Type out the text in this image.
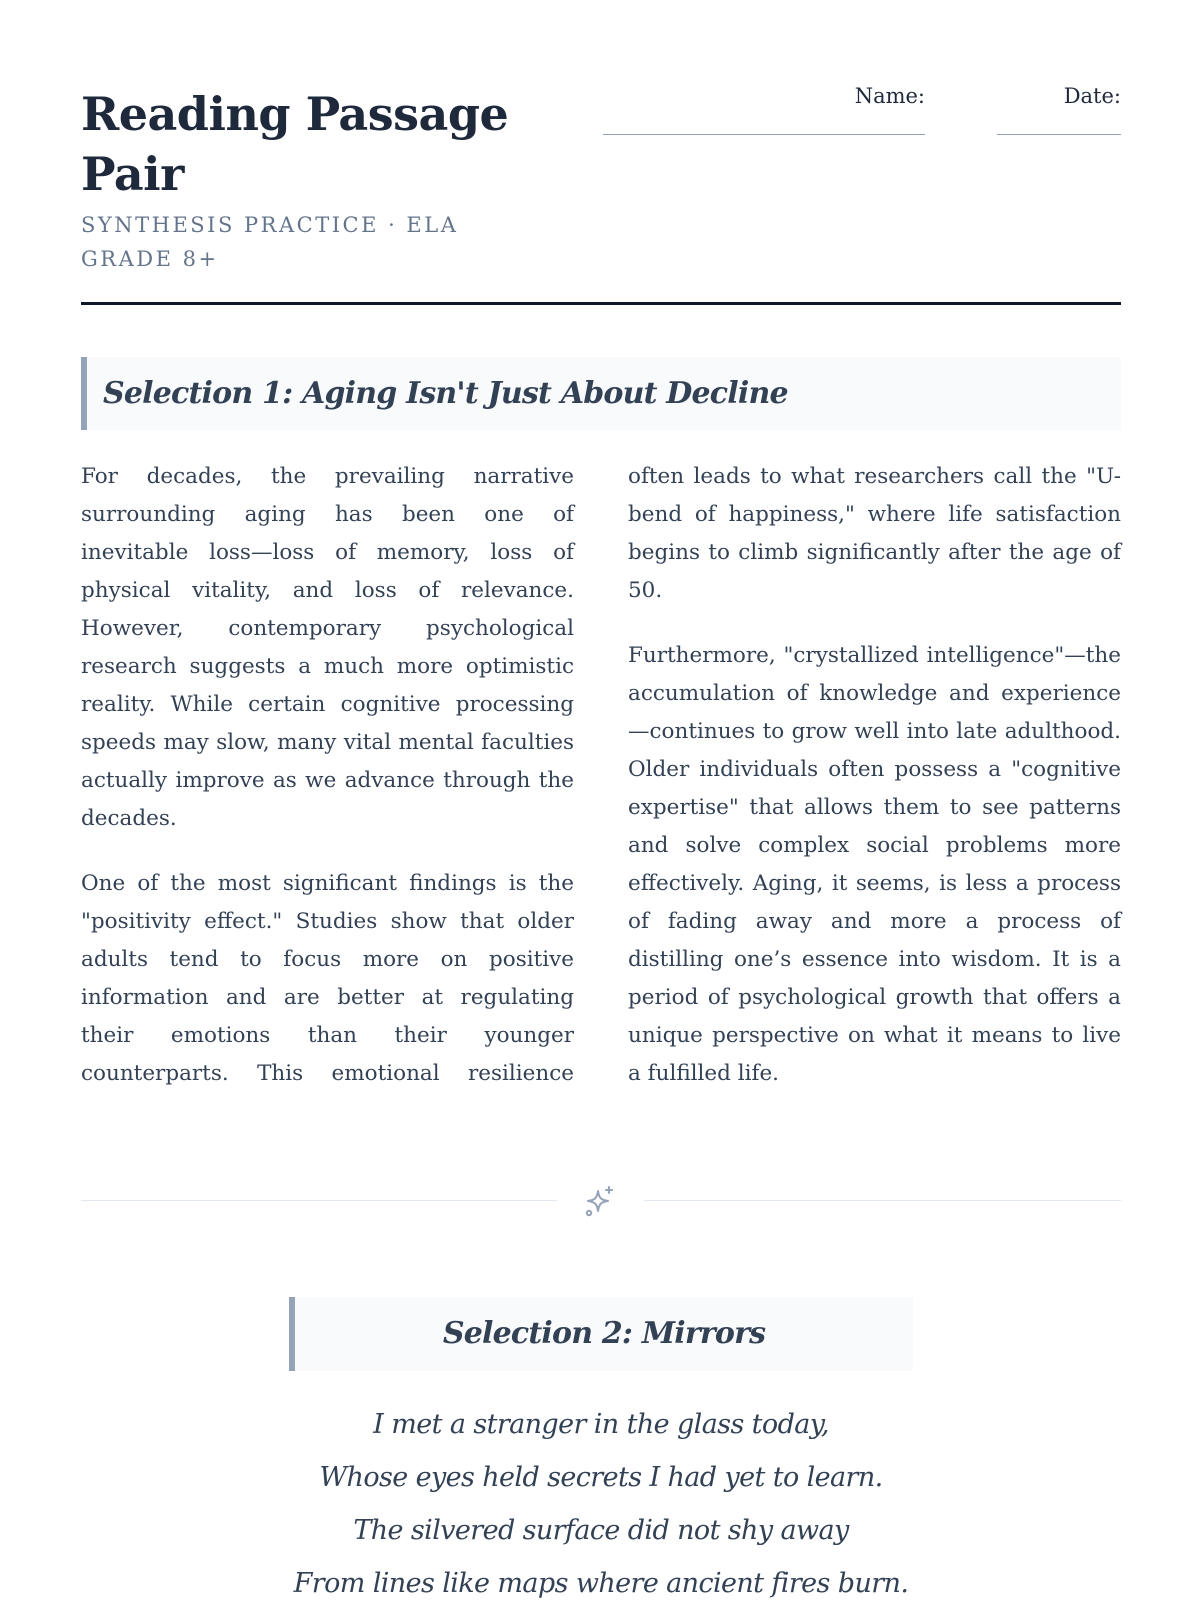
Reading Passage Pair
SYNTHESIS PRACTICE · ELA GRADE 8+
Name:	Date:
Selection 1: Aging Isn't Just About Decline

For decades, the prevailing narrative surrounding aging has been one of inevitable loss—loss of memory, loss of physical vitality, and loss of relevance. However, contemporary psychological research suggests a much more optimistic reality. While certain cognitive processing speeds may slow, many vital mental faculties actually improve as we advance through the decades.

One of the most significant findings is the "positivity effect." Studies show that older adults tend to focus more on positive information and are better at regulating their emotions than their younger counterparts. This emotional resilience

often leads to what researchers call the "U-bend of happiness," where life satisfaction begins to climb significantly after the age of 50.

Furthermore, "crystallized intelligence"—the accumulation of knowledge and experience—continues to grow well into late adulthood. Older individuals often possess a "cognitive expertise" that allows them to see patterns and solve complex social problems more effectively. Aging, it seems, is less a process of fading away and more a process of distilling one’s essence into wisdom. It is a period of psychological growth that offers a unique perspective on what it means to live a fulfilled life.

Selection 2: Mirrors
I met a stranger in the glass today,
Whose eyes held secrets I had yet to learn.
The silvered surface did not shy away
From lines like maps where ancient fires burn.
